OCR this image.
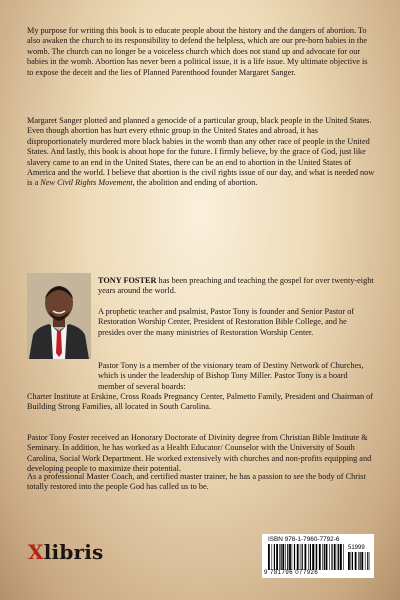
My purpose for writing this book is to educate people about the history and the dangers of abortion. To also awaken the church to its responsibility to defend the helpless, which are our pre-born babies in the womb. The church can no longer be a voiceless church which does not stand up and advocate for our babies in the womb. Abortion has never been a political issue, it is a life issue. My ultimate objective is to expose the deceit and the lies of Planned Parenthood founder Margaret Sanger.

Margaret Sanger plotted and planned a genocide of a particular group, black people in the United States. Even though abortion has hurt every ethnic group in the United States and abroad, it has disproportionately murdered more black babies in the womb than any other race of people in the United States. And lastly, this book is about hope for the future. I firmly believe, by the grace of God, just like slavery came to an end in the United States, there can be an end to abortion in the United States of America and the world. I believe that abortion is the civil rights issue of our day, and what is needed now is a New Civil Rights Movement, the abolition and ending of abortion.

TONY FOSTER has been preaching and teaching the gospel for over twenty-eight years around the world.

A prophetic teacher and psalmist, Pastor Tony is founder and Senior Pastor of Restoration Worship Center, President of Restoration Bible College, and he presides over the many ministries of Restoration Worship Center.

Pastor Tony is a member of the visionary team of Destiny Network of Churches, which is under the leadership of Bishop Tony Miller. Pastor Tony is a board member of several boards:

Charter Institute at Erskine, Cross Roads Pregnancy Center, Palmetto Family, President and Chairman of Building Strong Families, all located in South Carolina.

Pastor Tony Foster received an Honorary Doctorate of Divinity degree from Christian Bible Institute & Seminary. In addition, he has worked as a Health Educator/ Counselor with the University of South Carolina, Social Work Department. He worked extensively with churches and non-profits equipping and developing people to maximize their potential.

As a professional Master Coach, and certified master trainer, he has a passion to see the body of Christ totally restored into the people God has called us to be.

Xlibris
ISBN 978-1-7960-7792-6
51999
9 781796 077926
